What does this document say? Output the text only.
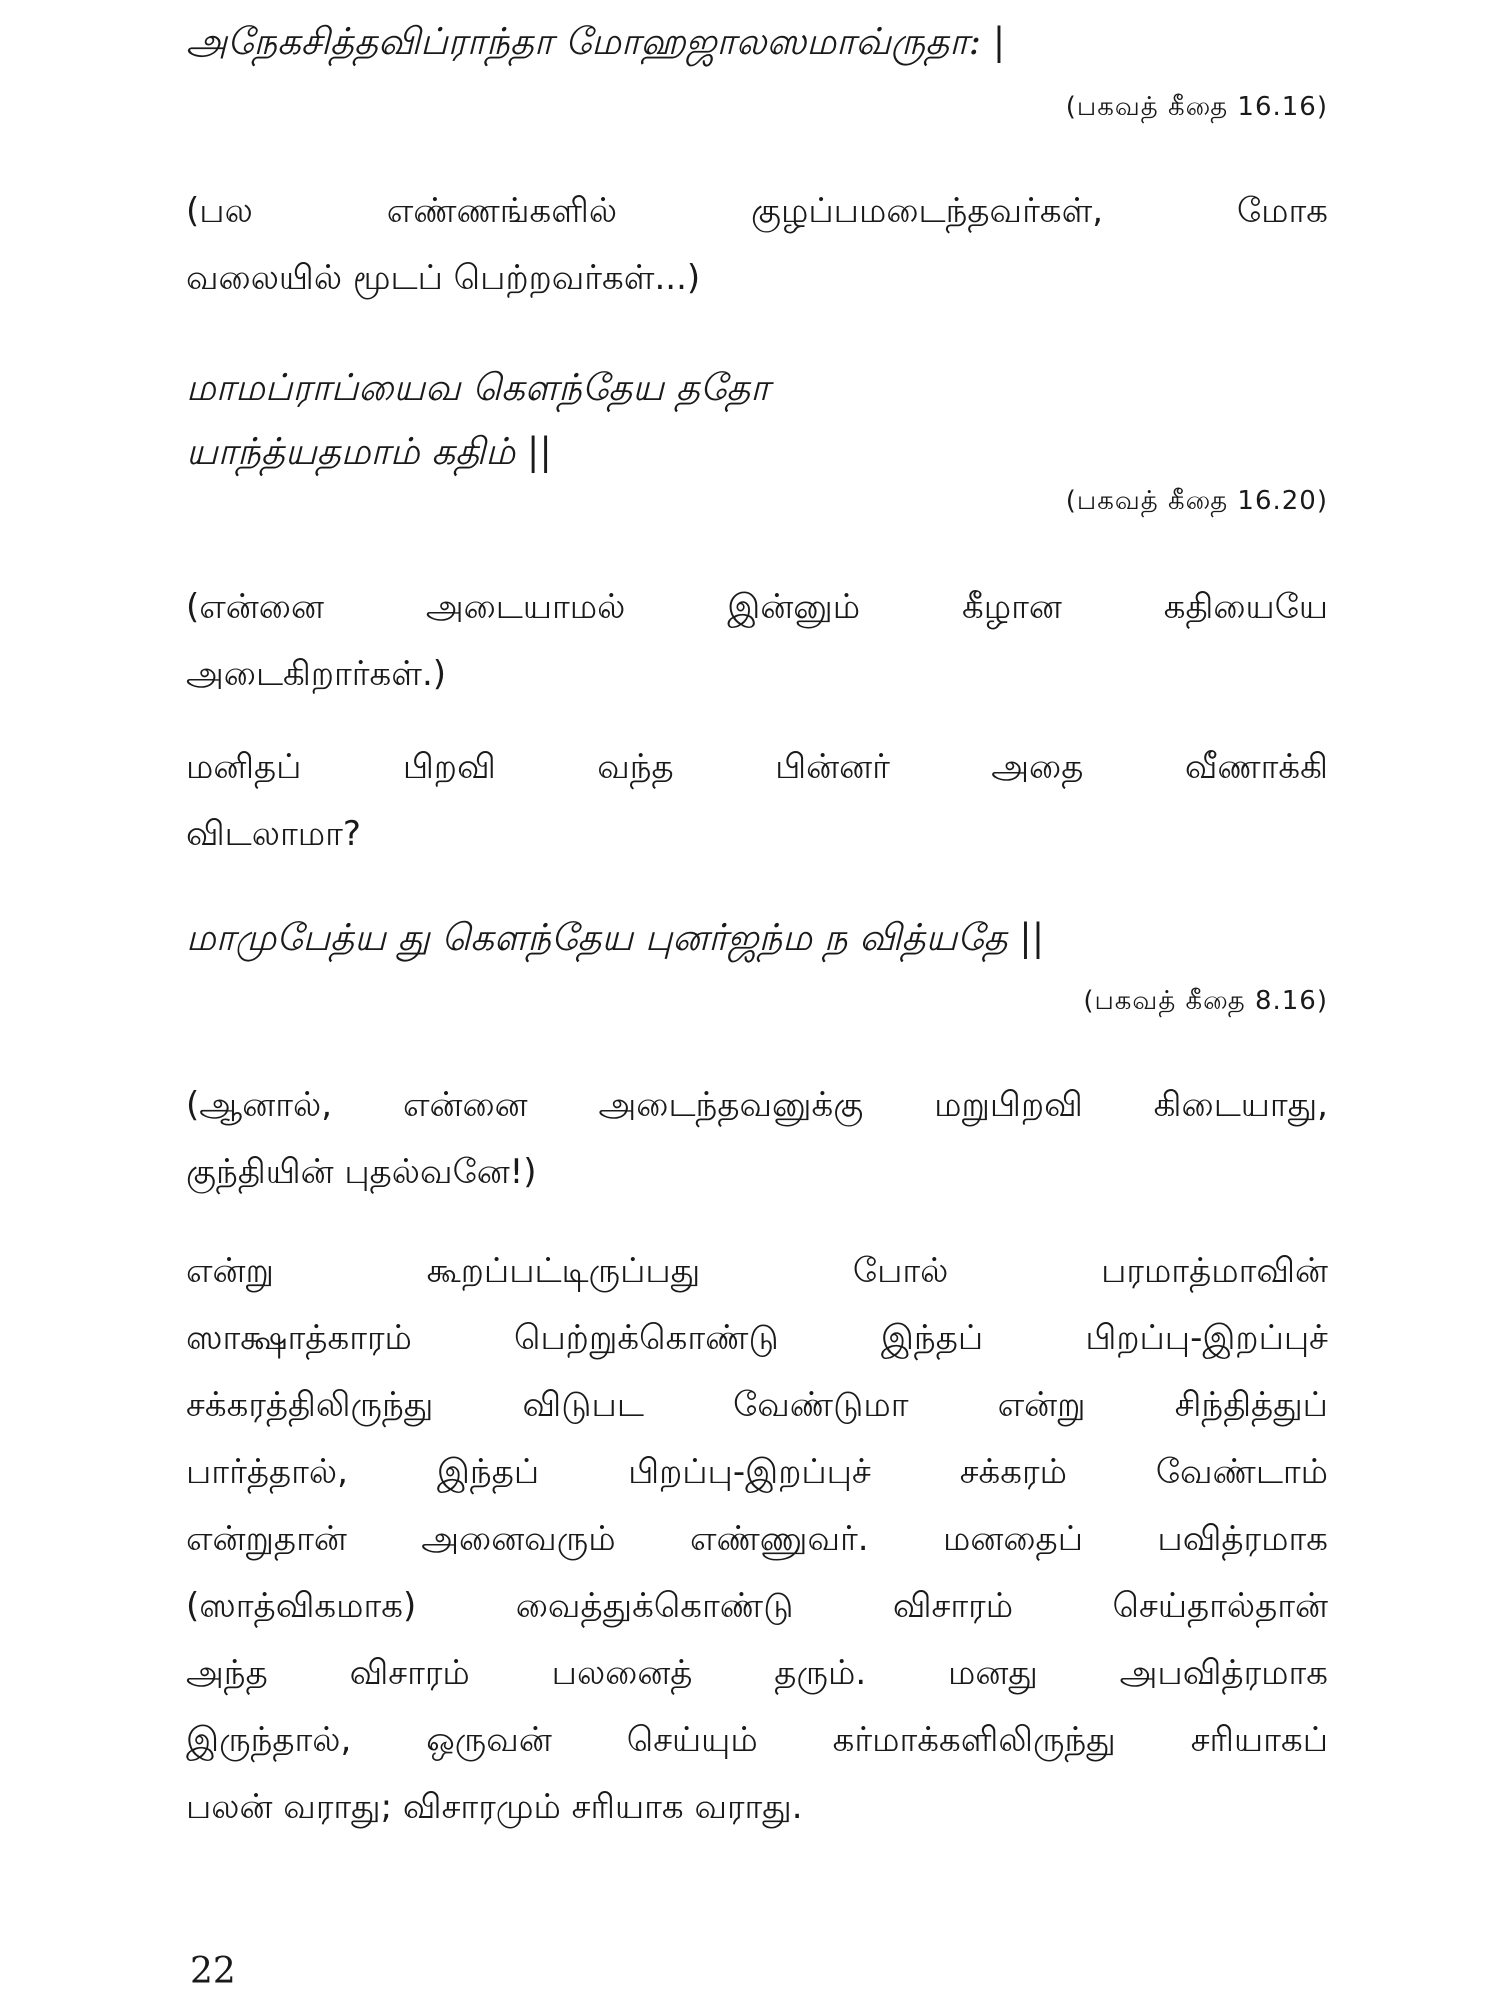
அநேகசித்தவிப்ராந்தா மோஹஜாலஸமாவ்ருதா: |

(பகவத் கீதை 16.16)

(பல எண்ணங்களில் குழப்பமடைந்தவர்கள், மோக
வலையில் மூடப் பெற்றவர்கள்...)

மாமப்ராப்யைவ கௌந்தேய ததோ

யாந்த்யதமாம் கதிம் ||

(பகவத் கீதை 16.20)

(என்னை அடையாமல் இன்னும் கீழான கதியையே
அடைகிறார்கள்.)

மனிதப் பிறவி வந்த பின்னர் அதை வீணாக்கி
விடலாமா?

மாமுபேத்ய து கௌந்தேய புனர்ஜந்ம ந வித்யதே ||

(பகவத் கீதை 8.16)

(ஆனால், என்னை அடைந்தவனுக்கு மறுபிறவி கிடையாது,
குந்தியின் புதல்வனே!)

என்று கூறப்பட்டிருப்பது போல் பரமாத்மாவின்
ஸாக்ஷாத்காரம் பெற்றுக்கொண்டு இந்தப் பிறப்பு-இறப்புச்
சக்கரத்திலிருந்து விடுபட வேண்டுமா என்று சிந்தித்துப்
பார்த்தால், இந்தப் பிறப்பு-இறப்புச் சக்கரம் வேண்டாம்
என்றுதான் அனைவரும் எண்ணுவர். மனதைப் பவித்ரமாக
(ஸாத்விகமாக) வைத்துக்கொண்டு விசாரம் செய்தால்தான்
அந்த விசாரம் பலனைத் தரும். மனது அபவித்ரமாக
இருந்தால், ஒருவன் செய்யும் கர்மாக்களிலிருந்து சரியாகப்
பலன் வராது; விசாரமும் சரியாக வராது.

22
